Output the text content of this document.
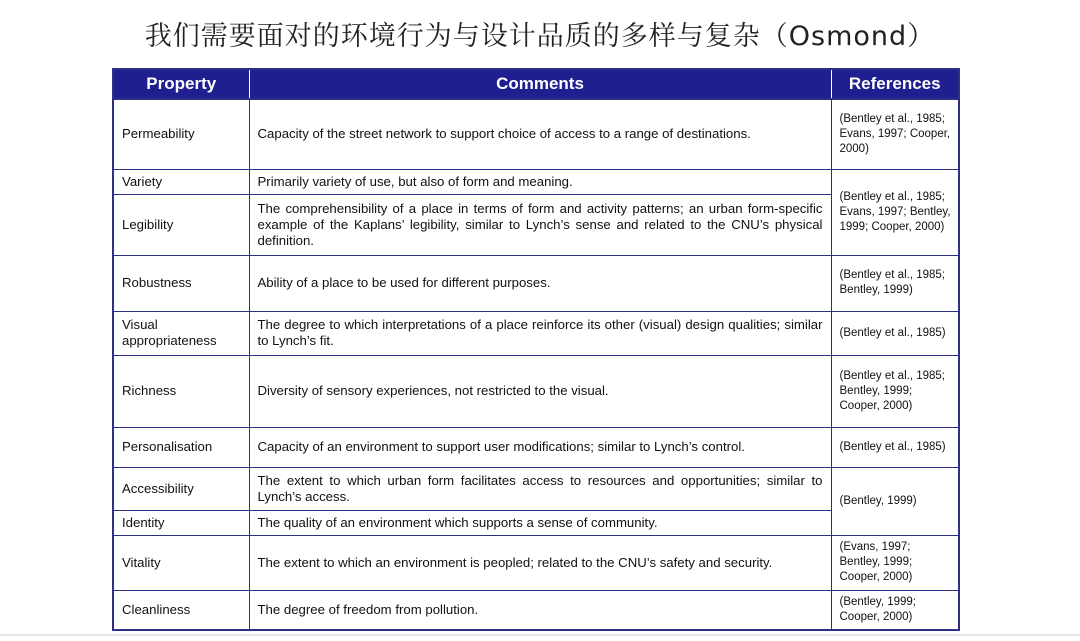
我们需要面对的环境行为与设计品质的多样与复杂（Osmond）
Property	Comments	References
Permeability	Capacity of the street network to support choice of access to a range of destinations.	(Bentley et al., 1985; Evans, 1997; Cooper, 2000)
Variety	Primarily variety of use, but also of form and meaning.	(Bentley et al., 1985; Evans, 1997; Bentley, 1999; Cooper, 2000)
Legibility	The comprehensibility of a place in terms of form and activity patterns; an urban form-specific example of the Kaplans’ legibility, similar to Lynch’s sense and related to the CNU’s physical definition.	
Robustness	Ability of a place to be used for different purposes.	(Bentley et al., 1985; Bentley, 1999)
Visual appropriateness	The degree to which interpretations of a place reinforce its other (visual) design qualities; similar to Lynch’s fit.	(Bentley et al., 1985)
Richness	Diversity of sensory experiences, not restricted to the visual.	(Bentley et al., 1985; Bentley, 1999; Cooper, 2000)
Personalisation	Capacity of an environment to support user modifications; similar to Lynch’s control.	(Bentley et al., 1985)
Accessibility	The extent to which urban form facilitates access to resources and opportunities; similar to Lynch’s access.	(Bentley, 1999)
Identity	The quality of an environment which supports a sense of community.	
Vitality	The extent to which an environment is peopled; related to the CNU’s safety and security.	(Evans, 1997; Bentley, 1999; Cooper, 2000)
Cleanliness	The degree of freedom from pollution.	(Bentley, 1999; Cooper, 2000)
